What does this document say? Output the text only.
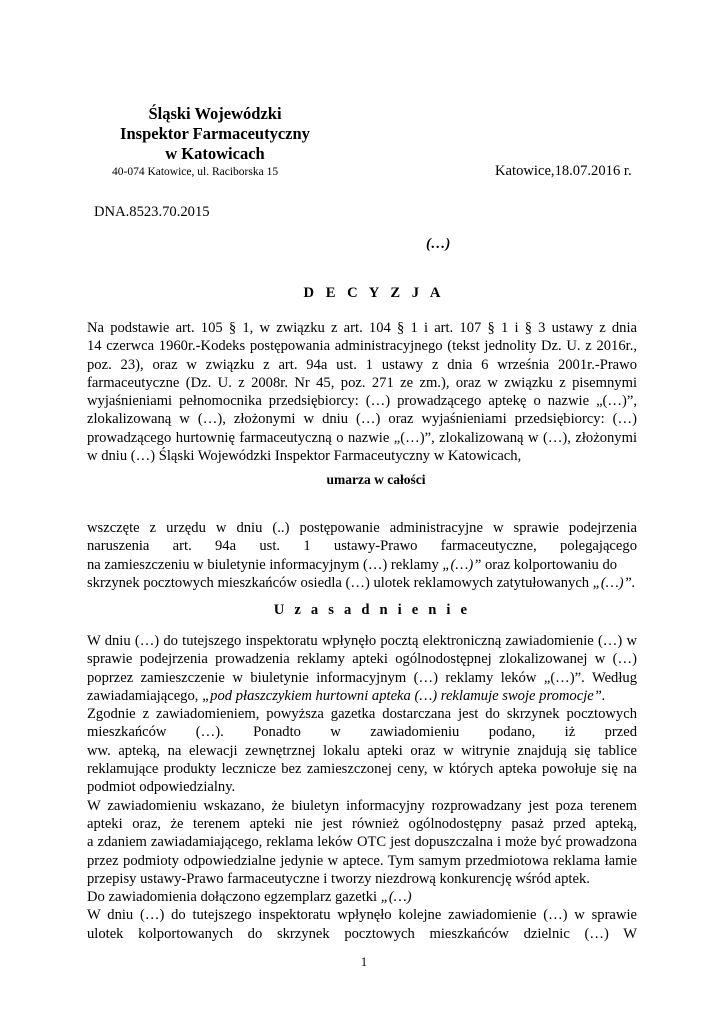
Śląski Wojewódzki
Inspektor Farmaceutyczny
w Katowicach
40-074 Katowice, ul. Raciborska 15	Katowice,18.07.2016 r.
DNA.8523.70.2015
(…)
D E C Y Z J A
Na podstawie art. 105 § 1, w związku z art. 104 § 1 i art. 107 § 1 i § 3 ustawy z dnia
14 czerwca 1960r.-Kodeks postępowania administracyjnego (tekst jednolity Dz. U. z 2016r.,
poz. 23), oraz w związku z art. 94a ust. 1 ustawy z dnia 6 września 2001r.-Prawo
farmaceutyczne (Dz. U. z 2008r. Nr 45, poz. 271 ze zm.), oraz w związku z pisemnymi
wyjaśnieniami pełnomocnika przedsiębiorcy: (…) prowadzącego aptekę o nazwie „(…)”,
zlokalizowaną w (…), złożonymi w dniu (…) oraz wyjaśnieniami przedsiębiorcy: (…)
prowadzącego hurtownię farmaceutyczną o nazwie „(…)”, zlokalizowaną w (…), złożonymi
w dniu (…) Śląski Wojewódzki Inspektor Farmaceutyczny w Katowicach,
umarza w całości
wszczęte z urzędu w dniu (..) postępowanie administracyjne w sprawie podejrzenia
naruszenia art. 94a ust. 1 ustawy-Prawo farmaceutyczne, polegającego
na zamieszczeniu w biuletynie informacyjnym (…) reklamy „(…)” oraz kolportowaniu do
skrzynek pocztowych mieszkańców osiedla (…) ulotek reklamowych zatytułowanych „(…)”.
U z a s a d n i e n i e
W dniu (…) do tutejszego inspektoratu wpłynęło pocztą elektroniczną zawiadomienie (…) w
sprawie podejrzenia prowadzenia reklamy apteki ogólnodostępnej zlokalizowanej w (…)
poprzez zamieszczenie w biuletynie informacyjnym (…) reklamy leków „(…)”. Według
zawiadamiającego, „pod płaszczykiem hurtowni apteka (…) reklamuje swoje promocje”.
Zgodnie z zawiadomieniem, powyższa gazetka dostarczana jest do skrzynek pocztowych
mieszkańców (…). Ponadto w zawiadomieniu podano, iż przed
ww. apteką, na elewacji zewnętrznej lokalu apteki oraz w witrynie znajdują się tablice
reklamujące produkty lecznicze bez zamieszczonej ceny, w których apteka powołuje się na
podmiot odpowiedzialny.
W zawiadomieniu wskazano, że biuletyn informacyjny rozprowadzany jest poza terenem
apteki oraz, że terenem apteki nie jest również ogólnodostępny pasaż przed apteką,
a zdaniem zawiadamiającego, reklama leków OTC jest dopuszczalna i może być prowadzona
przez podmioty odpowiedzialne jedynie w aptece. Tym samym przedmiotowa reklama łamie
przepisy ustawy-Prawo farmaceutyczne i tworzy niezdrową konkurencję wśród aptek.
Do zawiadomienia dołączono egzemplarz gazetki „(…)
W dniu (…) do tutejszego inspektoratu wpłynęło kolejne zawiadomienie (…) w sprawie
ulotek kolportowanych do skrzynek pocztowych mieszkańców dzielnic (…) W
1
